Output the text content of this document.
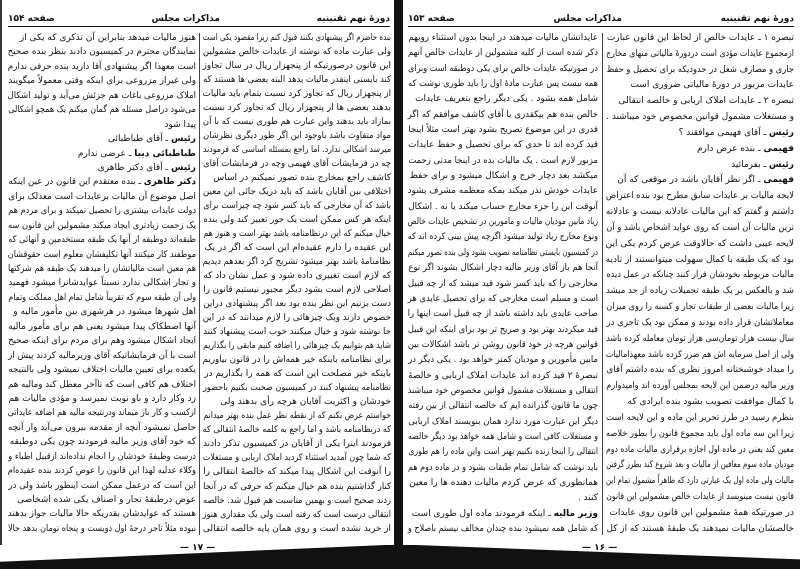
دورهٔ نهم تقنینیه
مذاکرات مجلس
صفحه ۱۵۴
بنده حاضرم اگر پیشنهادی بکنند قبول کنم زیرا مقصود یکی است
ولی عبارت ماده که نوشته از عایدات خالص مشمولین
این قانون درصورتیکه از پنجهزار ریال در سال تجاوز
کند بایستی اینقدر مالیات بدهد البته بعضی ها هستند که
از پنجهزار ریال که تجاوز کرد نسبت بتمام باید مالیات
بدهند بعضی ها از پنجهزار ریال که تجاوز کرد نسبت
بمازاد باید بدهند واین عبارت هم طوری نیست که با آن
مواد متفاوت باشد باوجود این اگر طور دیگری نظرشان
میرسد اشکالی ندارد. اما راجع بمسئله اساسی که فرمودند
چه در فرمایشات آقای فهیمی وچه در فرمایشات آقای
کاشف راجع بمخارج بنده تصور نمیکنم در اساس
اختلافی بین آقایان باشد که باید دریک جائی این معین
باشد که آن مخارجی که باید کسر شود چه چیزاست برای
اینکه هر کس ممکن است یک جور تعبیر کند ولی بنده
خیال میکنم که این درنظامنامه باشد بهتر است و هنوز هم
این عقیده را دارم عقیده‌ام این است که اگر در یک
نظامنامهٔ باشد بهتر میشود تشریح کرد اگر بعدهم دیدیم
که لازم است تغییری داده شود و عمل نشان داد که
اصلاحی لازم است بشود دیگر مجبور نیستیم قانون را
دست بزنیم این نظر بنده بود بعد اگر پیشنهادی دراین
خصوص دارند ویک چیزهائی را لازم میدانند که در این
جا نوشته شود و خیال میکنند خوب است پیشنهاد کنند
شاید هم بتوانیم یک چیزهائی را اضافه کنیم مابقی را بگذاریم
برای نظامنامه باینکه خیر همه‌اش را در قانون بیاوریم
باینکه خیر مصلحت این است که همه را بگذاریم در
نظامنامه پیشنهاد کنند در کمیسیون صحبت بکنیم باحضور
خودشان و اکثریت آقایان هرچه رأی بدهند ولی
خواستم عرض بکنم که از نقطه نظر عمل بنده بهتر میدانم
که درنظامنامه باشد و اما راجع به کلمه خالصهٔ انتقالی که
فرمودند اینرا یکی از آقایان در کمیسیون تذکر دادند
که شما چون آمدید استثناء کردید املاک اربابی و مستغلات
را آنوقت این اشکال پیدا میکند که خالصهٔ انتقالی را
کنار گذاشتیم بنده هم خیال میکنم که حرفی که در آنجا
زدند صحیح است و بهمین مناسبت هم قبول شد. خالصه
انتقالی درست است که رفته است ولی یک مقداری هنوز
از خرید نشده است و روی همان پایه خالصه انتقالی
هنوز مالیات میدهد بنابراین آن تذکری که یکی از
نمایندگان محترم در کمیسیون دادند بنظر بنده صحیح
است معهذا اگر پیشنهادی آقا دارید بنده حرفی ندارم
ولی غیراز مزروعی برای اینکه وقتی معمولاً میگویند
املاک مزروعی باغات هم جزئش می‌آید و تولید اشکال
می‌شود دراصل مسئله هم گمان میکنم یک همچو اشکالی
پیدا شود
رئیس ـ آقای طباطبائی
طباطبائی دیبا ـ عرضی ندارم
رئیس ـ آقای دکتر طاهری
دکتر طاهری ـ بنده معتقدم این قانون در عین اینکه
اصل موضوع آن مالیات برعایدات است معذلک برای
دولت عایدات بیشتری را تحصیل نمیکند و برای مردم هم
یک زحمت زیادتری ایجاد میکند مشمولین این قانون سه
طبقه‌اند دوطبقه از آنها یک طبقه مستخدمین و آنهائی که
موظفند کار میکنند آنها تکلیفشان معلوم است حقوقشان
هم معین است مالیاتشان را میدهند یک طبقه هم شرکتها
و تجار اشکالی ندارد نسبتاً عوایدشانرا میشود فهمید
ولی آن طبقه سوم که تقریباً شامل تمام اهل مملکت وتمام
اهل شهرها میشود در هرشهری بین مأمور مالیه و
آنها اصطکاک پیدا میشود یعنی هم برای مأمور مالیه
ایجاد اشکال میشود وهم برای مردم برای اینکه صحیح
است با آن فرمایشاتیکه آقای وزیرمالیه کردند پیش از
یکعده برای تعیین مالیات اختلاف نمیشود ولی بالنتیجه
اختلاف هم کافی است که تاآخر معطل کند ومالیه هم
زد وکار دارد و باو نوبت نمیرسد و مؤدی مالیات هم
ازکسب و کار باز میماند ودرنتیجه مالیه هم اضافه عایداتی
حاصل نمیشود آنچه از مقدمه بیرون می‌آید واز آنچه
که خود آقای وزیر مالیه فرمودند چون یکی دوطبقه
درست وظیفهٔ خودشان را انجام نداده‌اند ازقبیل اطباء و
وکلاء عدلیه لهذا این قانون را عوض کردند بنده عقیده‌ام
این است که درعمل ممکن است اینطور باشد ولی در
عوض درطبقهٔ تجار و اصناف یکی شده اشخاصی
هستند که عوایدشان بقدریکه حالا مالیات جواز بدهند
نبوده مثلاً تاجر درجهٔ اول دویست و پنجاه تومان بدهد حالا
— ۱۷ —
دورهٔ نهم تقنینیه
مذاکرات مجلس
صفحه ۱۵۳
تبصره ۱ ـ عایدات خالص از لحاظ این قانون عبارت
ازمجموع عایدات مؤدی است دردورهٔ مالیاتی منهای مخارج
جاری و مصارف شغل در حدودیکه برای تحصیل و حفظ
عایدات مزبور در دورهٔ مالیاتی ضروری است
تبصره ۲ ـ عایدات املاک اربابی و خالصه انتقالی
و مستغلات مشمول قوانین مخصوص خود میباشند .
رئیس ـ آقای فهیمی موافقند ؟
فهیمی ـ بنده عرض دارم
رئیس ـ بفرمائید
فهیمی ـ اگر نظر آقایان باشد در موقعی که آن
لایحه مالیات بر عایدات سابق مطرح بود بنده اعتراض
داشتم و گفتم که این مالیات عادلانه نیست و عادلانه
ترین مالیات آن است که روی عواید اشخاص باشد و آن
لایحه عیبی داشت که حالاوقت عرض کردم یکی این
بود که یک طبقه با کمال سهولت میتوانستند از تادیه
مالیات مربوطه بخودشان فرار کنند چنانکه در عمل دیده
شد و بالعکس بر یک طبقه تحمیلات زیاده از حد میشد
زیرا مالیات بعضی از طبقات تجار و کسبه را روی میزان
معاملاتشان قرار داده بودند و ممکن بود یک تاجری در
سال بیست هزار تومان‌سی هزار تومان معامله کرده باشد
ولی از اصل سرمایه اش هم ضرر کرده باشد معهذامالیات
را میداد خوشبختانه امروز نظری که بنده داشتم آقای
وزیر مالیه درضمن این لایحه بمجلس آورده اند وامیدوارم
با کمال موافقت تصویب بشود بنده ایرادی که
بنظرم رسید در طرز تحریر این ماده و این لایحه است
زیرا این سه ماده اول باید مجموع قانون را بطور خلاصه
معین کند یعنی در ماده اول اجازه برقراری مالیات ماده دوم
مودیان ماده سوم معافین از مالیات و بعد شروع کند بطرز گرفتن
مالیات ولی ماده اول یک عبارتی دارد که ظاهراً مشمول تمام این
قانون نیست مینویسد از عایدات خالص مشمولین این قانون
در صورتیکه همهٔ مشمولین این قانون روی عایدات
خالصشان مالیات نمیدهند یک طبقهٔ هستند که از کل
عایداتشان مالیات میدهند در اینجا بدون استثناء رویهم
ذکر شده است از کلیه مشمولین از عایدات خالص آنهم
در صورتیکه عایدات خالص برای یکی دوطبقه است وبرای
همه نیست پس عبارت مادهٔ اول را باید طوری نوشت که
شامل همه بشود . یکی دیگر راجع بتعریف عایدات
خالص بنده هم بیکقدری با آقای کاشف موافقم که اگر
قدری در این موضوع تصریح بشود بهتر است مثلاً اینجا
قید کرده اند تا حدی که برای تحصیل و حفظ عایدات
مزبور لازم است . یک مالیات بده در اینجا مدتی زحمت
میکشد بعد دچار خرج و اشکال میشود و برای حفظ
عایدات خودش نذر میکند بمکه معظمه مشرف بشود
آنوقت این را جزء مخارج حساب میکند یا نه . اشکال
زیاد مابین مودیان مالیات و مامورین در تشخیص عایدات خالص
ونوع مخارج زیاد تولید میشود اگرچه پیش بینی کرده اند که
در کمیسیون بایستی نظامنامه تصویب بشود ولی بنده تصور میکنم
آنجا هم باز آقای وزیر مالیه دچار اشکال بشوند اگر نوع
مخارجی را که باید کسر شود قید میشد که از چه قبیل
است و مسلم است مخارجی که برای تحصیل عایدی هر
صاحب عایدی باید داشته باشد از چه قبیل است اینها را
قید میکردند بهتر بود و صریح تر بود برای اینکه این قبیل
قوانین هرچه در خود قانون روشن تر باشد اشکالات بین
مابین مأمورین و مودیان کمتر خواهد بود . یکی دیگر در
تبصرهٔ ۲ قید کرده اند عایدات املاک اربابی و خالصهٔ
انتقالی و مستغلات مشمول قوانین مخصوص خود میباشند
چون ما قانون گذرانده ایم که خالصه انتقالی از بین رفته
دیگر این عبارت مورد ندارد همان بنویسند املاک اربابی
و مستغلات کافی است و شامل همه خواهد بود دیگر خالصه
انتقالی را اینجا زنده نکنیم بهتر است واین ماده را هم طوری
باید نوشت که شامل تمام طبقات بشود و در ماده دوم هم
همانطوری که عرض کردم مالیات دهنده ها را معین
کنند .
وزیر مالیه ـ اینکه فرمودند ماده اول طوری است
که شامل همه نمیشود بنده چندان مخالف نیستم باصلاح و
— ۱۶ —
